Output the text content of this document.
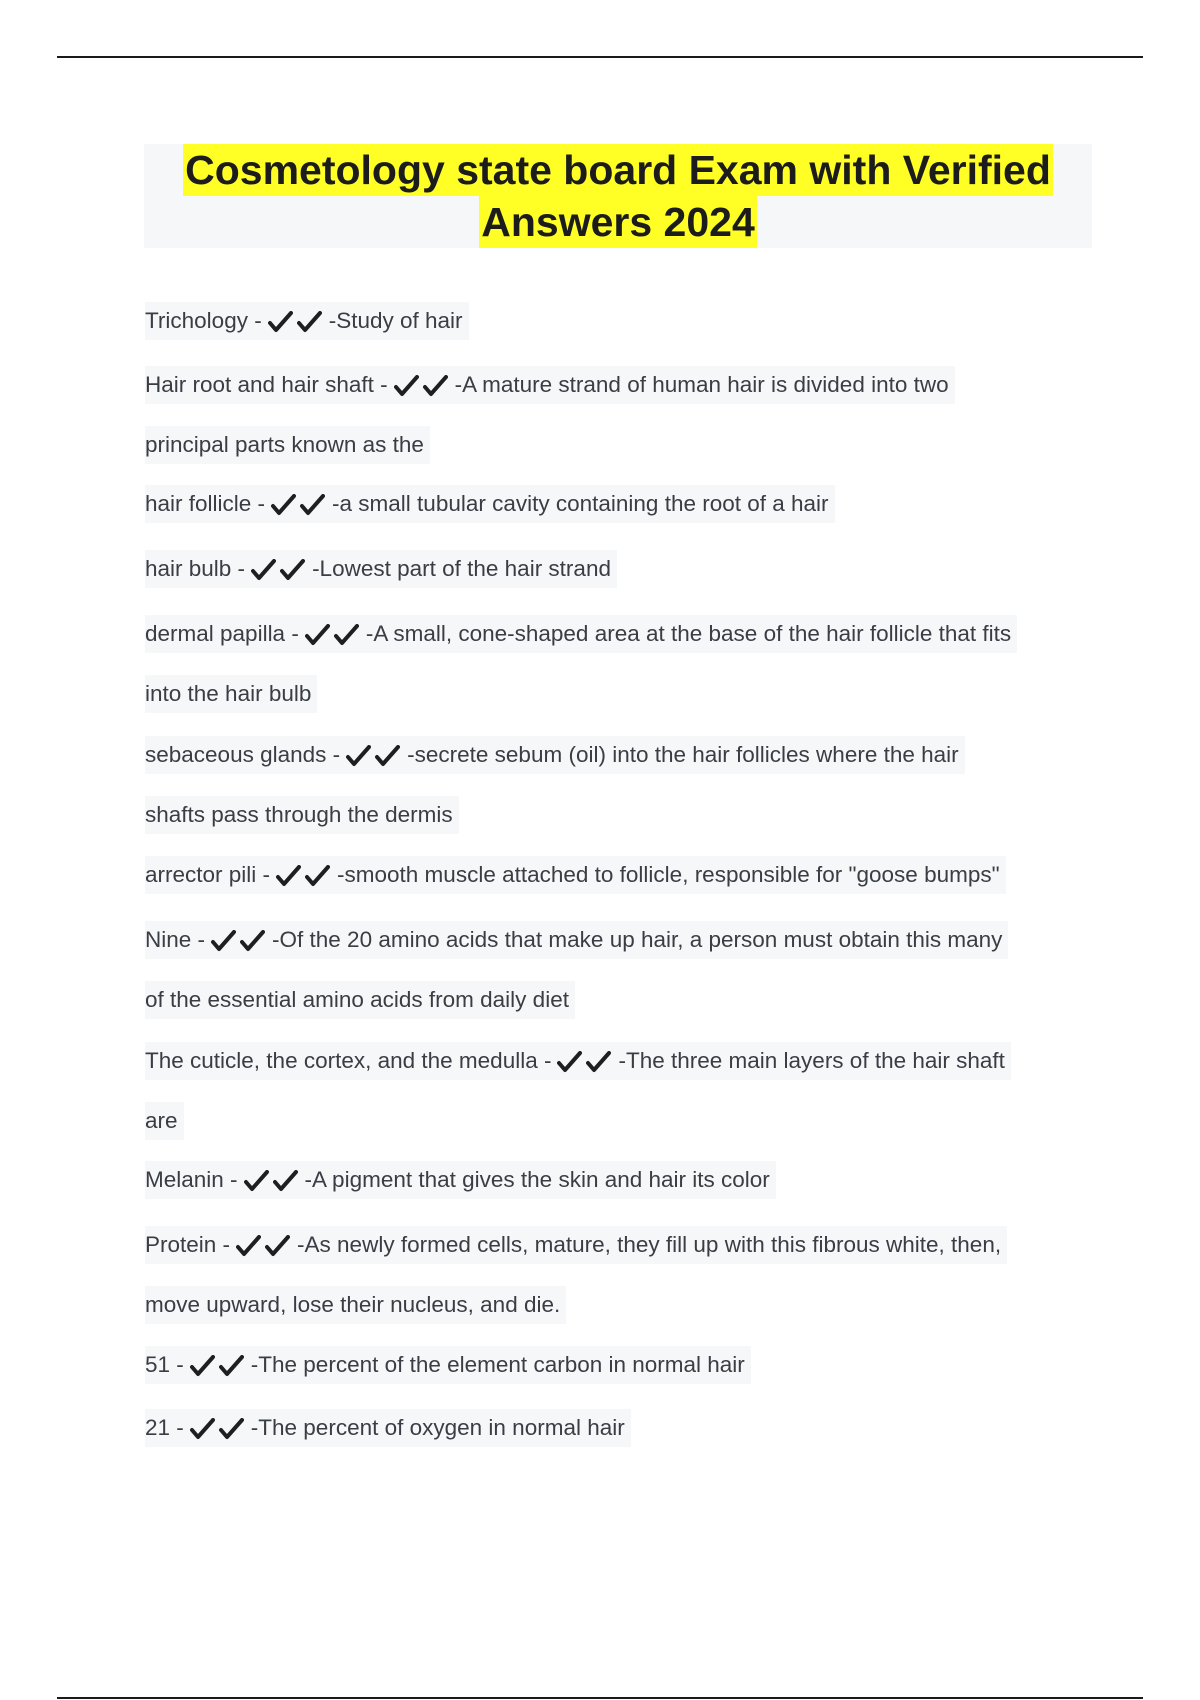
Cosmetology state board Exam with Verified
Answers 2024
Trichology -	-Study of hair
Hair root and hair shaft -	-A mature strand of human hair is divided into two
principal parts known as the
hair follicle -	-a small tubular cavity containing the root of a hair
hair bulb -	-Lowest part of the hair strand
dermal papilla -	-A small, cone-shaped area at the base of the hair follicle that fits
into the hair bulb
sebaceous glands -	-secrete sebum (oil) into the hair follicles where the hair
shafts pass through the dermis
arrector pili -	-smooth muscle attached to follicle, responsible for "goose bumps"
Nine -	-Of the 20 amino acids that make up hair, a person must obtain this many
of the essential amino acids from daily diet
The cuticle, the cortex, and the medulla -	-The three main layers of the hair shaft
are
Melanin -	-A pigment that gives the skin and hair its color
Protein -	-As newly formed cells, mature, they fill up with this fibrous white, then,
move upward, lose their nucleus, and die.
51 -	-The percent of the element carbon in normal hair
21 -	-The percent of oxygen in normal hair
